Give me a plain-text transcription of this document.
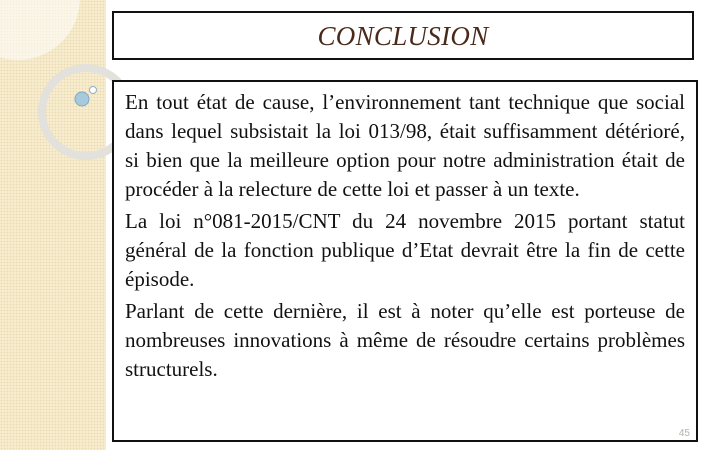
CONCLUSION

En tout état de cause, l’environnement tant technique que social dans lequel subsistait la loi 013/98, était suffisamment détérioré, si bien que la meilleure option pour notre administration était de procéder à la relecture de cette loi et passer à un texte.

La loi n°081-2015/CNT du 24 novembre 2015 portant statut général de la fonction publique d’Etat devrait être la fin de cette épisode.

Parlant de cette dernière, il est à noter qu’elle est porteuse de nombreuses innovations à même de résoudre certains problèmes structurels.

45
